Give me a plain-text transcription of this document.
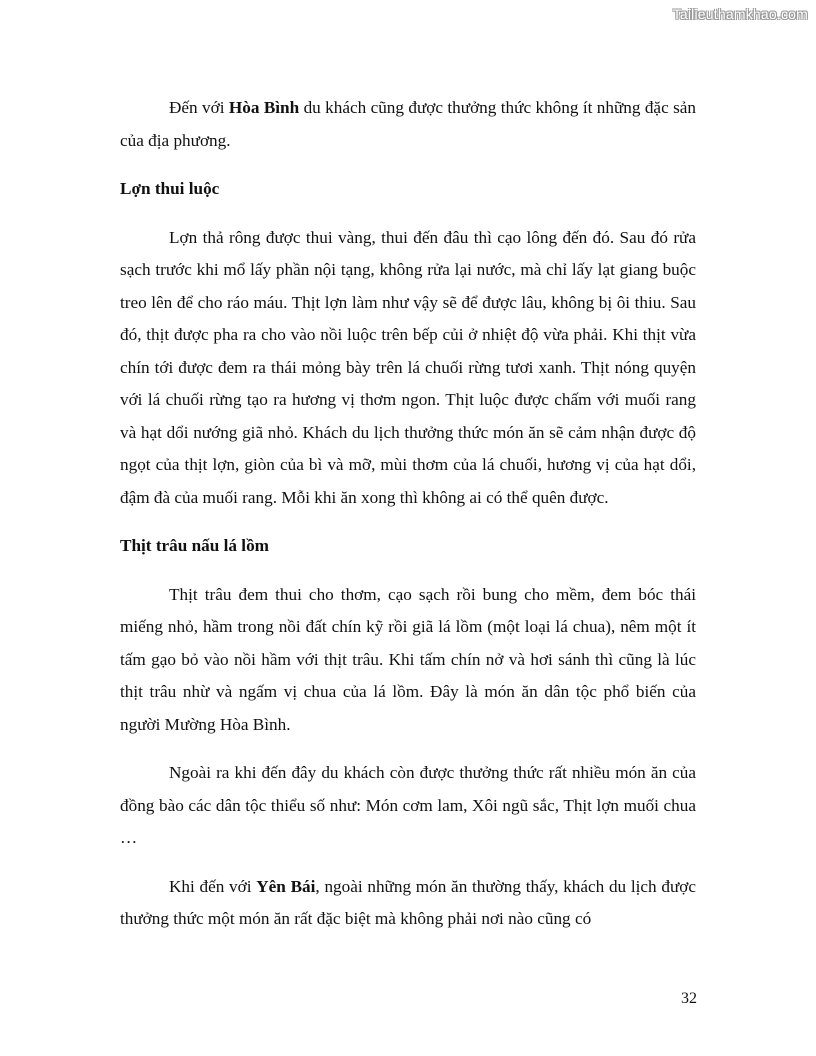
Tailieuthamkhao.com

Đến với Hòa Bình du khách cũng được thưởng thức không ít những đặc sản của địa phương.

Lợn thui luộc

Lợn thả rông được thui vàng, thui đến đâu thì cạo lông đến đó. Sau đó rửa sạch trước khi mổ lấy phần nội tạng, không rửa lại nước, mà chỉ lấy lạt giang buộc treo lên để cho ráo máu. Thịt lợn làm như vậy sẽ để được lâu, không bị ôi thiu. Sau đó, thịt được pha ra cho vào nồi luộc trên bếp củi ở nhiệt độ vừa phải. Khi thịt vừa chín tới được đem ra thái mỏng bày trên lá chuối rừng tươi xanh. Thịt nóng quyện với lá chuối rừng tạo ra hương vị thơm ngon. Thịt luộc được chấm với muối rang và hạt dổi nướng giã nhỏ. Khách du lịch thưởng thức món ăn sẽ cảm nhận được độ ngọt của thịt lợn, giòn của bì và mỡ, mùi thơm của lá chuối, hương vị của hạt dổi, đậm đà của muối rang. Mỗi khi ăn xong thì không ai có thể quên được.

Thịt trâu nấu lá lồm

Thịt trâu đem thui cho thơm, cạo sạch rồi bung cho mềm, đem bóc thái miếng nhỏ, hầm trong nồi đất chín kỹ rồi giã lá lồm (một loại lá chua), nêm một ít tấm gạo bỏ vào nồi hầm với thịt trâu. Khi tấm chín nở và hơi sánh thì cũng là lúc thịt trâu nhừ và ngấm vị chua của lá lồm. Đây là món ăn dân tộc phổ biến của người Mường Hòa Bình.

Ngoài ra khi đến đây du khách còn được thưởng thức rất nhiều món ăn của đồng bào các dân tộc thiểu số như: Món cơm lam, Xôi ngũ sắc, Thịt lợn muối chua …

Khi đến với Yên Bái, ngoài những món ăn thường thấy, khách du lịch được thưởng thức một món ăn rất đặc biệt mà không phải nơi nào cũng có

32
